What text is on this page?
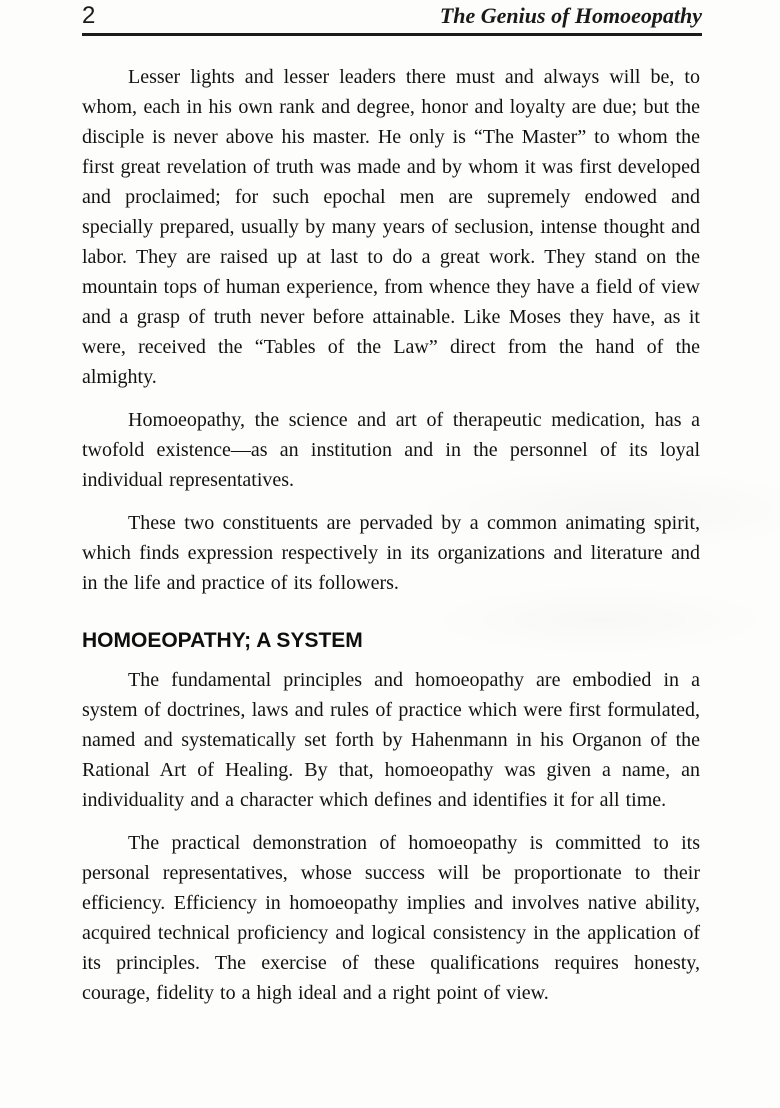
2	The Genius of Homoeopathy

Lesser lights and lesser leaders there must and always will be, to whom, each in his own rank and degree, honor and loyalty are due; but the disciple is never above his master. He only is “The Master” to whom the first great revelation of truth was made and by whom it was first developed and proclaimed; for such epochal men are supremely endowed and specially prepared, usually by many years of seclusion, intense thought and labor. They are raised up at last to do a great work. They stand on the mountain tops of human experience, from whence they have a field of view and a grasp of truth never before attainable. Like Moses they have, as it were, received the “Tables of the Law” direct from the hand of the almighty.

Homoeopathy, the science and art of therapeutic medication, has a twofold existence—as an institution and in the personnel of its loyal individual representatives.

These two constituents are pervaded by a common animating spirit, which finds expression respectively in its organizations and literature and in the life and practice of its followers.

HOMOEOPATHY; A SYSTEM

The fundamental principles and homoeopathy are embodied in a system of doctrines, laws and rules of practice which were first formulated, named and systematically set forth by Hahenmann in his Organon of the Rational Art of Healing. By that, homoeopathy was given a name, an individuality and a character which defines and identifies it for all time.

The practical demonstration of homoeopathy is committed to its personal representatives, whose success will be proportionate to their efficiency. Efficiency in homoeopathy implies and involves native ability, acquired technical proficiency and logical consistency in the application of its principles. The exercise of these qualifications requires honesty, courage, fidelity to a high ideal and a right point of view.
